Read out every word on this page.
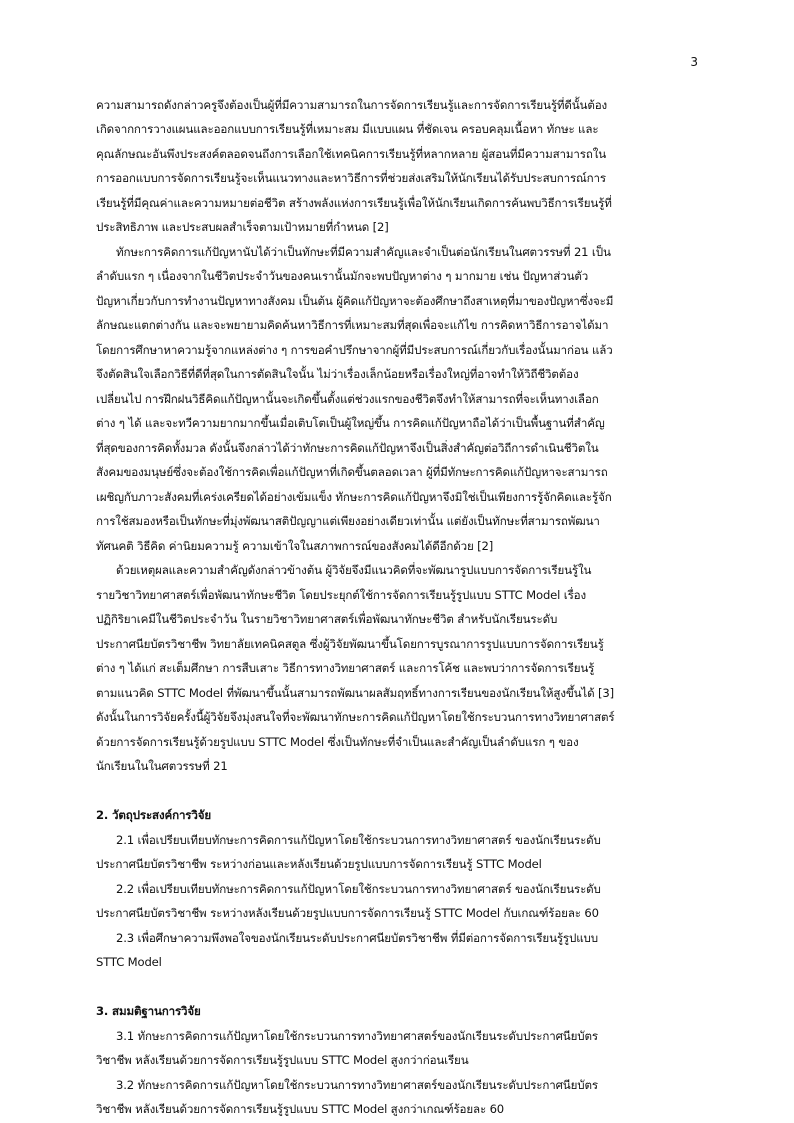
3
ความสามารถดังกล่าวครูจึงต้องเป็นผู้ที่มีความสามารถในการจัดการเรียนรู้และการจัดการเรียนรู้ที่ดีนั้นต้อง
เกิดจากการวางแผนและออกแบบการเรียนรู้ที่เหมาะสม มีแบบแผน ที่ชัดเจน ครอบคลุมเนื้อหา ทักษะ และ
คุณลักษณะอันพึงประสงค์ตลอดจนถึงการเลือกใช้เทคนิคการเรียนรู้ที่หลากหลาย ผู้สอนที่มีความสามารถใน
การออกแบบการจัดการเรียนรู้จะเห็นแนวทางและหาวิธีการที่ช่วยส่งเสริมให้นักเรียนได้รับประสบการณ์การ
เรียนรู้ที่มีคุณค่าและความหมายต่อชีวิต สร้างพลังแห่งการเรียนรู้เพื่อให้นักเรียนเกิดการค้นพบวิธีการเรียนรู้ที่
ประสิทธิภาพ และประสบผลสำเร็จตามเป้าหมายที่กำหนด [2]
ทักษะการคิดการแก้ปัญหานับได้ว่าเป็นทักษะที่มีความสำคัญและจำเป็นต่อนักเรียนในศตวรรษที่ 21 เป็น
ลำดับแรก ๆ เนื่องจากในชีวิตประจำวันของคนเรานั้นมักจะพบปัญหาต่าง ๆ มากมาย เช่น ปัญหาส่วนตัว
ปัญหาเกี่ยวกับการทำงานปัญหาทางสังคม เป็นต้น ผู้คิดแก้ปัญหาจะต้องศึกษาถึงสาเหตุที่มาของปัญหาซึ่งจะมี
ลักษณะแตกต่างกัน และจะพยายามคิดค้นหาวิธีการที่เหมาะสมที่สุดเพื่อจะแก้ไข การคิดหาวิธีการอาจได้มา
โดยการศึกษาหาความรู้จากแหล่งต่าง ๆ การขอคำปรึกษาจากผู้ที่มีประสบการณ์เกี่ยวกับเรื่องนั้นมาก่อน แล้ว
จึงตัดสินใจเลือกวิธีที่ดีที่สุดในการตัดสินใจนั้น ไม่ว่าเรื่องเล็กน้อยหรือเรื่องใหญ่ที่อาจทำให้วิถีชีวิตต้อง
เปลี่ยนไป การฝึกฝนวิธีคิดแก้ปัญหานั้นจะเกิดขึ้นตั้งแต่ช่วงแรกของชีวิตจึงทำให้สามารถที่จะเห็นทางเลือก
ต่าง ๆ ได้ และจะทวีความยากมากขึ้นเมื่อเติบโตเป็นผู้ใหญ่ขึ้น การคิดแก้ปัญหาถือได้ว่าเป็นพื้นฐานที่สำคัญ
ที่สุดของการคิดทั้งมวล ดังนั้นจึงกล่าวได้ว่าทักษะการคิดแก้ปัญหาจึงเป็นสิ่งสำคัญต่อวิถีการดำเนินชีวิตใน
สังคมของมนุษย์ซึ่งจะต้องใช้การคิดเพื่อแก้ปัญหาที่เกิดขึ้นตลอดเวลา ผู้ที่มีทักษะการคิดแก้ปัญหาจะสามารถ
เผชิญกับภาวะสังคมที่เคร่งเครียดได้อย่างเข้มแข็ง ทักษะการคิดแก้ปัญหาจึงมิใช่เป็นเพียงการรู้จักคิดและรู้จัก
การใช้สมองหรือเป็นทักษะที่มุ่งพัฒนาสติปัญญาแต่เพียงอย่างเดียวเท่านั้น แต่ยังเป็นทักษะที่สามารถพัฒนา
ทัศนคติ วิธีคิด ค่านิยมความรู้ ความเข้าใจในสภาพการณ์ของสังคมได้ดีอีกด้วย [2]
ด้วยเหตุผลและความสำคัญดังกล่าวข้างต้น ผู้วิจัยจึงมีแนวคิดที่จะพัฒนารูปแบบการจัดการเรียนรู้ใน
รายวิชาวิทยาศาสตร์เพื่อพัฒนาทักษะชีวิต โดยประยุกต์ใช้การจัดการเรียนรู้รูปแบบ STTC Model เรื่อง
ปฏิกิริยาเคมีในชีวิตประจำวัน ในรายวิชาวิทยาศาสตร์เพื่อพัฒนาทักษะชีวิต สำหรับนักเรียนระดับ
ประกาศนียบัตรวิชาชีพ วิทยาลัยเทคนิคสตูล ซึ่งผู้วิจัยพัฒนาขึ้นโดยการบูรณาการรูปแบบการจัดการเรียนรู้
ต่าง ๆ ได้แก่ สะเต็มศึกษา การสืบเสาะ วิธีการทางวิทยาศาสตร์ และการโค้ช และพบว่าการจัดการเรียนรู้
ตามแนวคิด STTC Model ที่พัฒนาขึ้นนั้นสามารถพัฒนาผลสัมฤทธิ์ทางการเรียนของนักเรียนให้สูงขึ้นได้ [3]
ดังนั้นในการวิจัยครั้งนี้ผู้วิจัยจึงมุ่งสนใจที่จะพัฒนาทักษะการคิดแก้ปัญหาโดยใช้กระบวนการทางวิทยาศาสตร์
ด้วยการจัดการเรียนรู้ด้วยรูปแบบ STTC Model ซึ่งเป็นทักษะที่จำเป็นและสำคัญเป็นลำดับแรก ๆ ของ
นักเรียนในในศตวรรษที่ 21
2. วัตถุประสงค์การวิจัย
2.1 เพื่อเปรียบเทียบทักษะการคิดการแก้ปัญหาโดยใช้กระบวนการทางวิทยาศาสตร์ ของนักเรียนระดับ
ประกาศนียบัตรวิชาชีพ ระหว่างก่อนและหลังเรียนด้วยรูปแบบการจัดการเรียนรู้ STTC Model
2.2 เพื่อเปรียบเทียบทักษะการคิดการแก้ปัญหาโดยใช้กระบวนการทางวิทยาศาสตร์ ของนักเรียนระดับ
ประกาศนียบัตรวิชาชีพ ระหว่างหลังเรียนด้วยรูปแบบการจัดการเรียนรู้ STTC Model กับเกณฑ์ร้อยละ 60
2.3 เพื่อศึกษาความพึงพอใจของนักเรียนระดับประกาศนียบัตรวิชาชีพ ที่มีต่อการจัดการเรียนรู้รูปแบบ
STTC Model
3. สมมติฐานการวิจัย
3.1 ทักษะการคิดการแก้ปัญหาโดยใช้กระบวนการทางวิทยาศาสตร์ของนักเรียนระดับประกาศนียบัตร
วิชาชีพ หลังเรียนด้วยการจัดการเรียนรู้รูปแบบ STTC Model สูงกว่าก่อนเรียน
3.2 ทักษะการคิดการแก้ปัญหาโดยใช้กระบวนการทางวิทยาศาสตร์ของนักเรียนระดับประกาศนียบัตร
วิชาชีพ หลังเรียนด้วยการจัดการเรียนรู้รูปแบบ STTC Model สูงกว่าเกณฑ์ร้อยละ 60
